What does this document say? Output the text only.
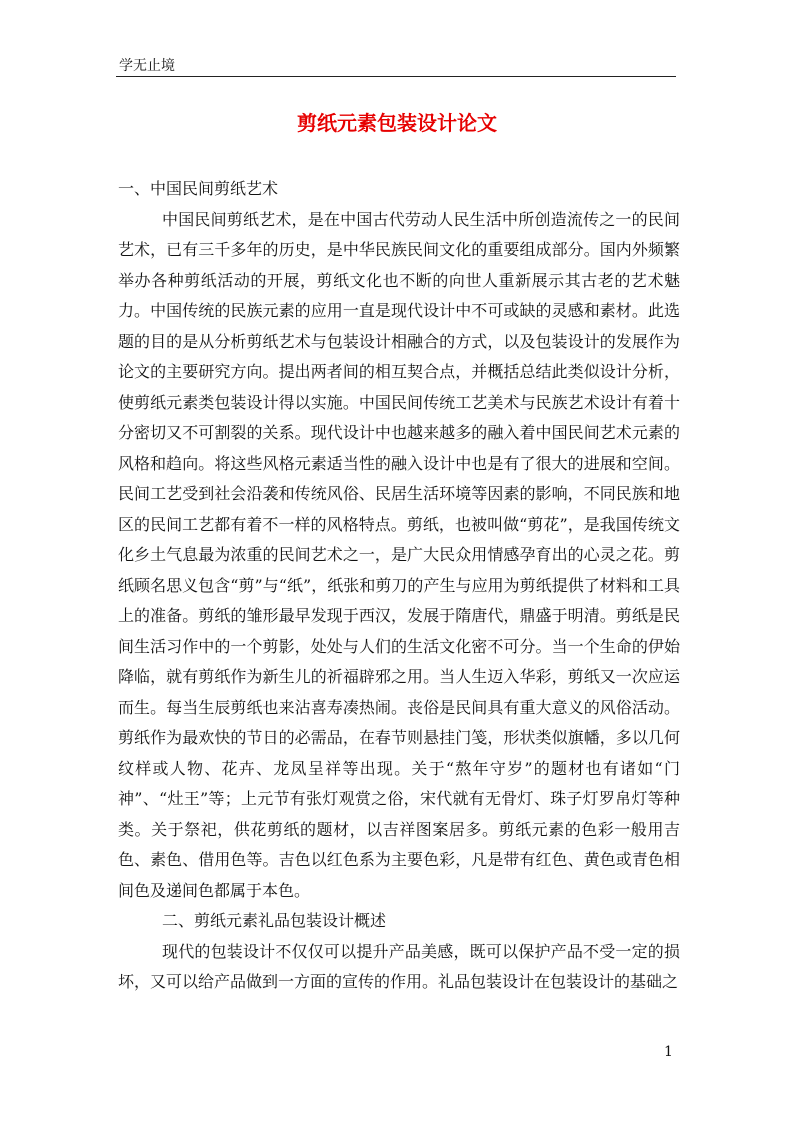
学无止境
剪纸元素包装设计论文

一、中国民间剪纸艺术

中国民间剪纸艺术，是在中国古代劳动人民生活中所创造流传之一的民间艺术，已有三千多年的历史，是中华民族民间文化的重要组成部分。国内外频繁举办各种剪纸活动的开展，剪纸文化也不断的向世人重新展示其古老的艺术魅力。中国传统的民族元素的应用一直是现代设计中不可或缺的灵感和素材。此选题的目的是从分析剪纸艺术与包装设计相融合的方式，以及包装设计的发展作为论文的主要研究方向。提出两者间的相互契合点，并概括总结此类似设计分析，使剪纸元素类包装设计得以实施。中国民间传统工艺美术与民族艺术设计有着十分密切又不可割裂的关系。现代设计中也越来越多的融入着中国民间艺术元素的风格和趋向。将这些风格元素适当性的融入设计中也是有了很大的进展和空间。民间工艺受到社会沿袭和传统风俗、民居生活环境等因素的影响，不同民族和地区的民间工艺都有着不一样的风格特点。剪纸，也被叫做“剪花”，是我国传统文化乡土气息最为浓重的民间艺术之一，是广大民众用情感孕育出的心灵之花。剪纸顾名思义包含“剪”与“纸”，纸张和剪刀的产生与应用为剪纸提供了材料和工具上的准备。剪纸的雏形最早发现于西汉，发展于隋唐代，鼎盛于明清。剪纸是民间生活习作中的一个剪影，处处与人们的生活文化密不可分。当一个生命的伊始降临，就有剪纸作为新生儿的祈福辟邪之用。当人生迈入华彩，剪纸又一次应运而生。每当生辰剪纸也来沾喜寿凑热闹。丧俗是民间具有重大意义的风俗活动。剪纸作为最欢快的节日的必需品，在春节则悬挂门笺，形状类似旗幡，多以几何纹样或人物、花卉、龙凤呈祥等出现。关于“熬年守岁”的题材也有诸如“门神”、“灶王”等；上元节有张灯观赏之俗，宋代就有无骨灯、珠子灯罗帛灯等种类。关于祭祀，供花剪纸的题材，以吉祥图案居多。剪纸元素的色彩一般用吉色、素色、借用色等。吉色以红色系为主要色彩，凡是带有红色、黄色或青色相间色及递间色都属于本色。

二、剪纸元素礼品包装设计概述

现代的包装设计不仅仅可以提升产品美感，既可以保护产品不受一定的损坏，又可以给产品做到一方面的宣传的作用。礼品包装设计在包装设计的基础之

1
